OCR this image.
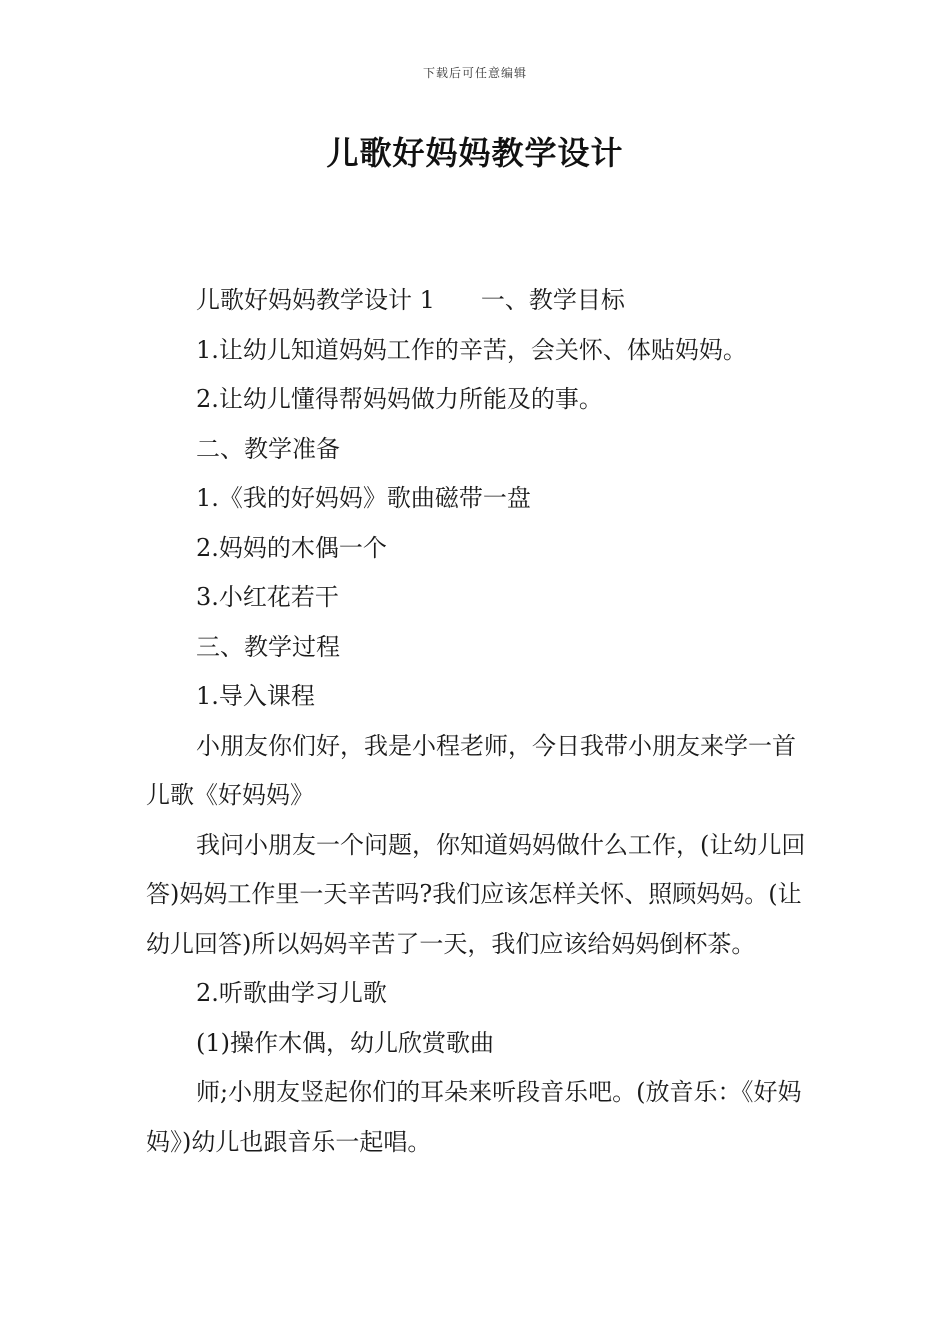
下载后可任意编辑
儿歌好妈妈教学设计

儿歌好妈妈教学设计 1 一、教学目标

1.让幼儿知道妈妈工作的辛苦，会关怀、体贴妈妈。

2.让幼儿懂得帮妈妈做力所能及的事。

二、教学准备

1.《我的好妈妈》歌曲磁带一盘

2.妈妈的木偶一个

3.小红花若干

三、教学过程

1.导入课程

小朋友你们好，我是小程老师，今日我带小朋友来学一首儿歌《好妈妈》

我问小朋友一个问题，你知道妈妈做什么工作，(让幼儿回答)妈妈工作里一天辛苦吗?我们应该怎样关怀、照顾妈妈。(让幼儿回答)所以妈妈辛苦了一天，我们应该给妈妈倒杯茶。

2.听歌曲学习儿歌

(1)操作木偶，幼儿欣赏歌曲

师;小朋友竖起你们的耳朵来听段音乐吧。(放音乐：《好妈妈》)幼儿也跟音乐一起唱。
